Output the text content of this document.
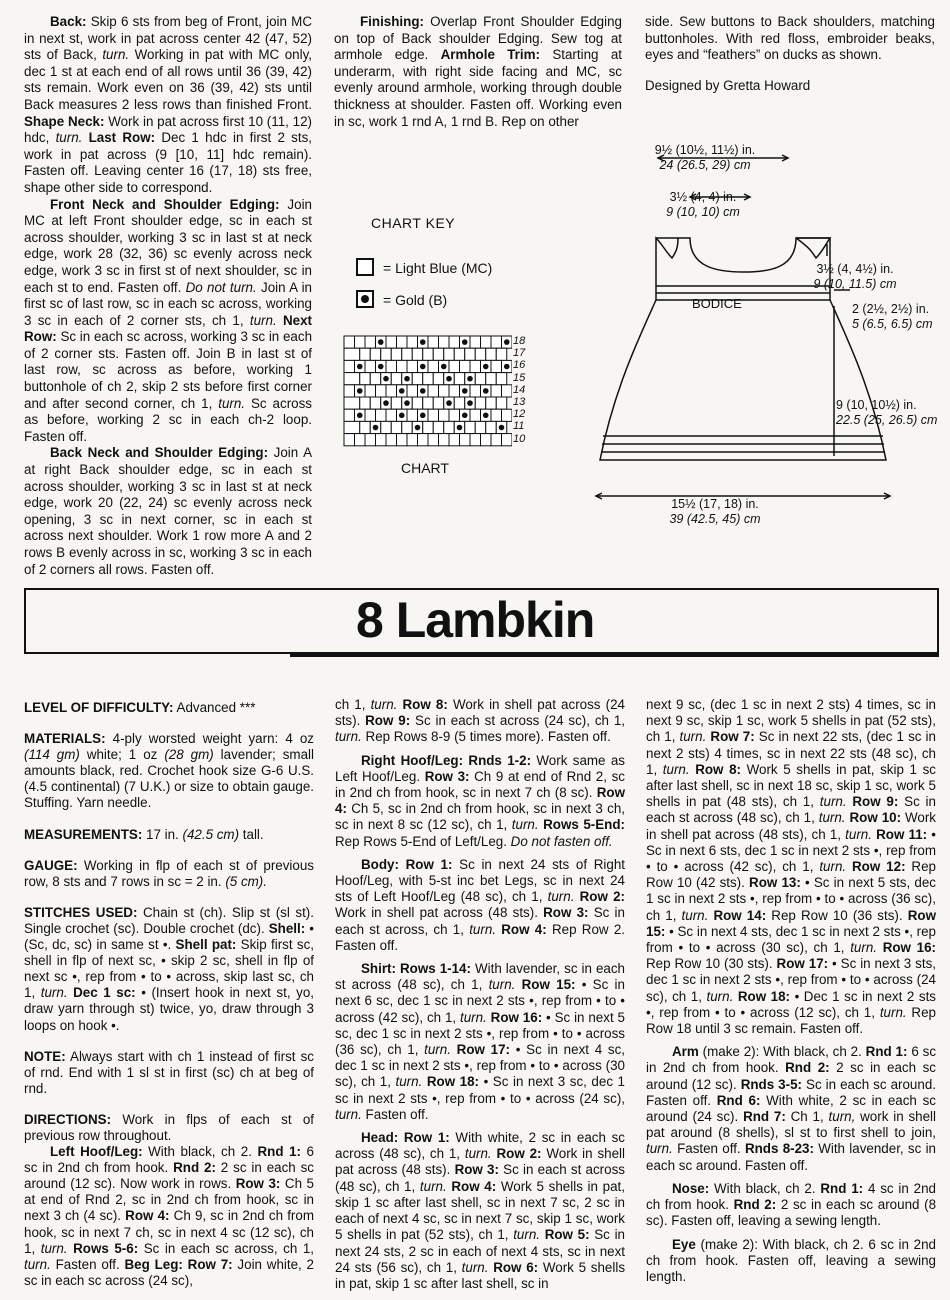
Back: Skip 6 sts from beg of Front, join MC in next st, work in pat across center 42 (47, 52) sts of Back, turn. Working in pat with MC only, dec 1 st at each end of all rows until 36 (39, 42) sts remain. Work even on 36 (39, 42) sts until Back measures 2 less rows than finished Front. Shape Neck: Work in pat across first 10 (11, 12) hdc, turn. Last Row: Dec 1 hdc in first 2 sts, work in pat across (9 [10, 11] hdc remain). Fasten off. Leaving center 16 (17, 18) sts free, shape other side to correspond.

Front Neck and Shoulder Edging: Join MC at left Front shoulder edge, sc in each st across shoulder, working 3 sc in last st at neck edge, work 28 (32, 36) sc evenly across neck edge, work 3 sc in first st of next shoulder, sc in each st to end. Fasten off. Do not turn. Join A in first sc of last row, sc in each sc across, working 3 sc in each of 2 corner sts, ch 1, turn. Next Row: Sc in each sc across, working 3 sc in each of 2 corner sts. Fasten off. Join B in last st of last row, sc across as before, working 1 buttonhole of ch 2, skip 2 sts before first corner and after second corner, ch 1, turn. Sc across as before, working 2 sc in each ch-2 loop. Fasten off.

Back Neck and Shoulder Edging: Join A at right Back shoulder edge, sc in each st across shoulder, working 3 sc in last st at neck edge, work 20 (22, 24) sc evenly across neck opening, 3 sc in next corner, sc in each st across next shoulder. Work 1 row more A and 2 rows B evenly across in sc, working 3 sc in each of 2 corners all rows. Fasten off.

Finishing: Overlap Front Shoulder Edging on top of Back shoulder Edging. Sew tog at armhole edge. Armhole Trim: Starting at underarm, with right side facing and MC, sc evenly around armhole, working through double thickness at shoulder. Fasten off. Working even in sc, work 1 rnd A, 1 rnd B. Rep on other

side. Sew buttons to Back shoulders, matching buttonholes. With red floss, embroider beaks, eyes and “feathers” on ducks as shown.

Designed by Gretta Howard

CHART KEY
= Light Blue (MC)
= Gold (B)
18
17
16
15
14
13
12
11
10
CHART
9½ (10½, 11½) in.
24 (26.5, 29) cm
3½ (4, 4) in.
9 (10, 10) cm
3½ (4, 4½) in.
9 (10, 11.5) cm
BODICE	2 (2½, 2½) in.
5 (6.5, 6.5) cm
9 (10, 10½) in.
22.5 (25, 26.5) cm
15½ (17, 18) in.
39 (42.5, 45) cm
8 Lambkin

LEVEL OF DIFFICULTY: Advanced ***

MATERIALS: 4-ply worsted weight yarn: 4 oz (114 gm) white; 1 oz (28 gm) lavender; small amounts black, red. Crochet hook size G-6 U.S. (4.5 continental) (7 U.K.) or size to obtain gauge. Stuffing. Yarn needle.

MEASUREMENTS: 17 in. (42.5 cm) tall.

GAUGE: Working in flp of each st of previous row, 8 sts and 7 rows in sc = 2 in. (5 cm).

STITCHES USED: Chain st (ch). Slip st (sl st). Single crochet (sc). Double crochet (dc). Shell: • (Sc, dc, sc) in same st •. Shell pat: Skip first sc, shell in flp of next sc, • skip 2 sc, shell in flp of next sc •, rep from • to • across, skip last sc, ch 1, turn. Dec 1 sc: • (Insert hook in next st, yo, draw yarn through st) twice, yo, draw through 3 loops on hook •.

NOTE: Always start with ch 1 instead of first sc of rnd. End with 1 sl st in first (sc) ch at beg of rnd.

DIRECTIONS: Work in flps of each st of previous row throughout.

Left Hoof/Leg: With black, ch 2. Rnd 1: 6 sc in 2nd ch from hook. Rnd 2: 2 sc in each sc around (12 sc). Now work in rows. Row 3: Ch 5 at end of Rnd 2, sc in 2nd ch from hook, sc in next 3 ch (4 sc). Row 4: Ch 9, sc in 2nd ch from hook, sc in next 7 ch, sc in next 4 sc (12 sc), ch 1, turn. Rows 5-6: Sc in each sc across, ch 1, turn. Fasten off. Beg Leg: Row 7: Join white, 2 sc in each sc across (24 sc),

ch 1, turn. Row 8: Work in shell pat across (24 sts). Row 9: Sc in each st across (24 sc), ch 1, turn. Rep Rows 8-9 (5 times more). Fasten off.

Right Hoof/Leg: Rnds 1-2: Work same as Left Hoof/Leg. Row 3: Ch 9 at end of Rnd 2, sc in 2nd ch from hook, sc in next 7 ch (8 sc). Row 4: Ch 5, sc in 2nd ch from hook, sc in next 3 ch, sc in next 8 sc (12 sc), ch 1, turn. Rows 5-End: Rep Rows 5-End of Left/Leg. Do not fasten off.

Body: Row 1: Sc in next 24 sts of Right Hoof/Leg, with 5-st inc bet Legs, sc in next 24 sts of Left Hoof/Leg (48 sc), ch 1, turn. Row 2: Work in shell pat across (48 sts). Row 3: Sc in each st across, ch 1, turn. Row 4: Rep Row 2. Fasten off.

Shirt: Rows 1-14: With lavender, sc in each st across (48 sc), ch 1, turn. Row 15: • Sc in next 6 sc, dec 1 sc in next 2 sts •, rep from • to • across (42 sc), ch 1, turn. Row 16: • Sc in next 5 sc, dec 1 sc in next 2 sts •, rep from • to • across (36 sc), ch 1, turn. Row 17: • Sc in next 4 sc, dec 1 sc in next 2 sts •, rep from • to • across (30 sc), ch 1, turn. Row 18: • Sc in next 3 sc, dec 1 sc in next 2 sts •, rep from • to • across (24 sc), turn. Fasten off.

Head: Row 1: With white, 2 sc in each sc across (48 sc), ch 1, turn. Row 2: Work in shell pat across (48 sts). Row 3: Sc in each st across (48 sc), ch 1, turn. Row 4: Work 5 shells in pat, skip 1 sc after last shell, sc in next 7 sc, 2 sc in each of next 4 sc, sc in next 7 sc, skip 1 sc, work 5 shells in pat (52 sts), ch 1, turn. Row 5: Sc in next 24 sts, 2 sc in each of next 4 sts, sc in next 24 sts (56 sc), ch 1, turn. Row 6: Work 5 shells in pat, skip 1 sc after last shell, sc in

next 9 sc, (dec 1 sc in next 2 sts) 4 times, sc in next 9 sc, skip 1 sc, work 5 shells in pat (52 sts), ch 1, turn. Row 7: Sc in next 22 sts, (dec 1 sc in next 2 sts) 4 times, sc in next 22 sts (48 sc), ch 1, turn. Row 8: Work 5 shells in pat, skip 1 sc after last shell, sc in next 18 sc, skip 1 sc, work 5 shells in pat (48 sts), ch 1, turn. Row 9: Sc in each st across (48 sc), ch 1, turn. Row 10: Work in shell pat across (48 sts), ch 1, turn. Row 11: • Sc in next 6 sts, dec 1 sc in next 2 sts •, rep from • to • across (42 sc), ch 1, turn. Row 12: Rep Row 10 (42 sts). Row 13: • Sc in next 5 sts, dec 1 sc in next 2 sts •, rep from • to • across (36 sc), ch 1, turn. Row 14: Rep Row 10 (36 sts). Row 15: • Sc in next 4 sts, dec 1 sc in next 2 sts •, rep from • to • across (30 sc), ch 1, turn. Row 16: Rep Row 10 (30 sts). Row 17: • Sc in next 3 sts, dec 1 sc in next 2 sts •, rep from • to • across (24 sc), ch 1, turn. Row 18: • Dec 1 sc in next 2 sts •, rep from • to • across (12 sc), ch 1, turn. Rep Row 18 until 3 sc remain. Fasten off.

Arm (make 2): With black, ch 2. Rnd 1: 6 sc in 2nd ch from hook. Rnd 2: 2 sc in each sc around (12 sc). Rnds 3-5: Sc in each sc around. Fasten off. Rnd 6: With white, 2 sc in each sc around (24 sc). Rnd 7: Ch 1, turn, work in shell pat around (8 shells), sl st to first shell to join, turn. Fasten off. Rnds 8-23: With lavender, sc in each sc around. Fasten off.

Nose: With black, ch 2. Rnd 1: 4 sc in 2nd ch from hook. Rnd 2: 2 sc in each sc around (8 sc). Fasten off, leaving a sewing length.

Eye (make 2): With black, ch 2. 6 sc in 2nd ch from hook. Fasten off, leaving a sewing length.
